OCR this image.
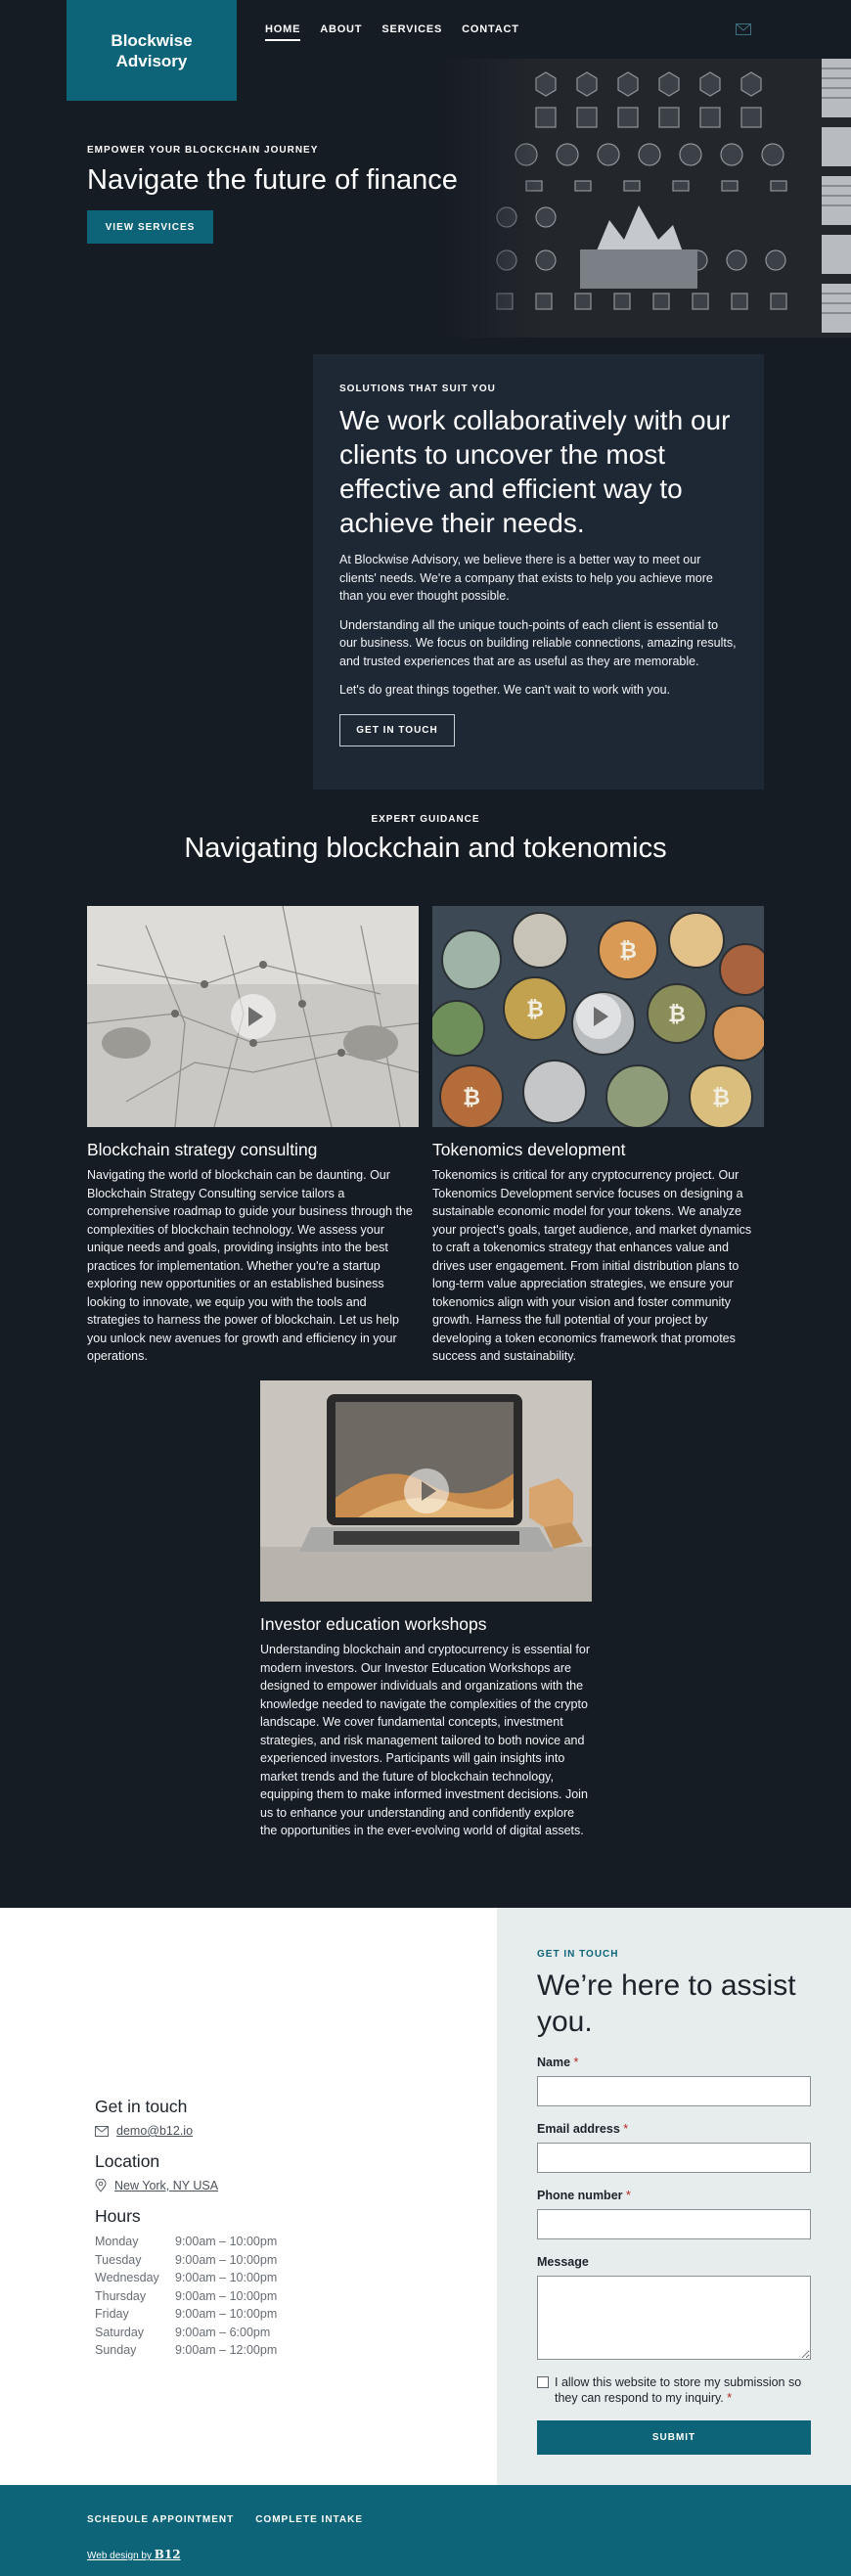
Blockwise Advisory
HOME ABOUT SERVICES CONTACT
EMPOWER YOUR BLOCKCHAIN JOURNEY
Navigate the future of finance
VIEW SERVICES
SOLUTIONS THAT SUIT YOU
We work collaboratively with our clients to uncover the most effective and efficient way to achieve their needs.

At Blockwise Advisory, we believe there is a better way to meet our clients' needs. We're a company that exists to help you achieve more than you ever thought possible.

Understanding all the unique touch-points of each client is essential to our business. We focus on building reliable connections, amazing results, and trusted experiences that are as useful as they are memorable.

Let's do great things together. We can't wait to work with you.

GET IN TOUCH
EXPERT GUIDANCE
Navigating blockchain and tokenomics
Blockchain strategy consulting

Navigating the world of blockchain can be daunting. Our Blockchain Strategy Consulting service tailors a comprehensive roadmap to guide your business through the complexities of blockchain technology. We assess your unique needs and goals, providing insights into the best practices for implementation. Whether you're a startup exploring new opportunities or an established business looking to innovate, we equip you with the tools and strategies to harness the power of blockchain. Let us help you unlock new avenues for growth and efficiency in your operations.

₿
₿
₿	₿
₿
Tokenomics development

Tokenomics is critical for any cryptocurrency project. Our Tokenomics Development service focuses on designing a sustainable economic model for your tokens. We analyze your project's goals, target audience, and market dynamics to craft a tokenomics strategy that enhances value and drives user engagement. From initial distribution plans to long-term value appreciation strategies, we ensure your tokenomics align with your vision and foster community growth. Harness the full potential of your project by developing a token economics framework that promotes success and sustainability.

Investor education workshops

Understanding blockchain and cryptocurrency is essential for modern investors. Our Investor Education Workshops are designed to empower individuals and organizations with the knowledge needed to navigate the complexities of the crypto landscape. We cover fundamental concepts, investment strategies, and risk management tailored to both novice and experienced investors. Participants will gain insights into market trends and the future of blockchain technology, equipping them to make informed investment decisions. Join us to enhance your understanding and confidently explore the opportunities in the ever-evolving world of digital assets.

Get in touch
demo@b12.io
Location
New York, NY USA
Hours
Monday	9:00am – 10:00pm
Tuesday	9:00am – 10:00pm
Wednesday	9:00am – 10:00pm
Thursday	9:00am – 10:00pm
Friday	9:00am – 10:00pm
Saturday	9:00am – 6:00pm
Sunday	9:00am – 12:00pm
GET IN TOUCH
We’re here to assist you.
Name *
Email address *
Phone number *
Message
I allow this website to store my submission so they can respond to my inquiry. *
SUBMIT
SCHEDULE APPOINTMENT COMPLETE INTAKE
Web design by B12
